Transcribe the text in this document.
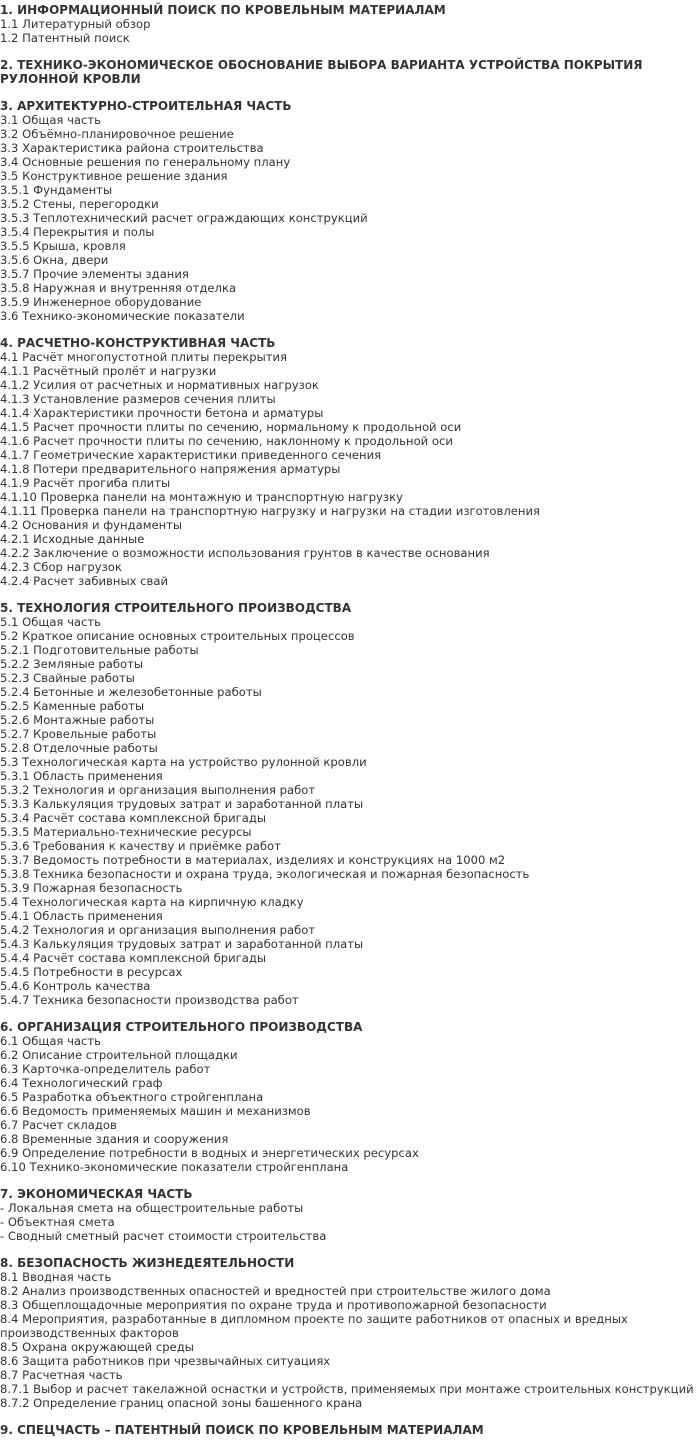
1. ИНФОРМАЦИОННЫЙ ПОИСК ПО КРОВЕЛЬНЫМ МАТЕРИАЛАМ
1.1 Литературный обзор
1.2 Патентный поиск
2. ТЕХНИКО-ЭКОНОМИЧЕСКОЕ ОБОСНОВАНИЕ ВЫБОРА ВАРИАНТА УСТРОЙСТВА ПОКРЫТИЯ РУЛОННОЙ КРОВЛИ
3. АРХИТЕКТУРНО-СТРОИТЕЛЬНАЯ ЧАСТЬ
3.1 Общая часть
3.2 Объёмно-планировочное решение
3.3 Характеристика района строительства
3.4 Основные решения по генеральному плану
3.5 Конструктивное решение здания
3.5.1 Фундаменты
3.5.2 Стены, перегородки
3.5.3 Теплотехнический расчет ограждающих конструкций
3.5.4 Перекрытия и полы
3.5.5 Крыша, кровля
3.5.6 Окна, двери
3.5.7 Прочие элементы здания
3.5.8 Наружная и внутренняя отделка
3.5.9 Инженерное оборудование
3.6 Технико-экономические показатели
4. РАСЧЕТНО-КОНСТРУКТИВНАЯ ЧАСТЬ
4.1 Расчёт многопустотной плиты перекрытия
4.1.1 Расчётный пролёт и нагрузки
4.1.2 Усилия от расчетных и нормативных нагрузок
4.1.3 Установление размеров сечения плиты
4.1.4 Характеристики прочности бетона и арматуры
4.1.5 Расчет прочности плиты по сечению, нормальному к продольной оси
4.1.6 Расчет прочности плиты по сечению, наклонному к продольной оси
4.1.7 Геометрические характеристики приведенного сечения
4.1.8 Потери предварительного напряжения арматуры
4.1.9 Расчёт прогиба плиты
4.1.10 Проверка панели на монтажную и транспортную нагрузку
4.1.11 Проверка панели на транспортную нагрузку и нагрузки на стадии изготовления
4.2 Основания и фундаменты
4.2.1 Исходные данные
4.2.2 Заключение о возможности использования грунтов в качестве основания
4.2.3 Сбор нагрузок
4.2.4 Расчет забивных свай
5. ТЕХНОЛОГИЯ СТРОИТЕЛЬНОГО ПРОИЗВОДСТВА
5.1 Общая часть
5.2 Краткое описание основных строительных процессов
5.2.1 Подготовительные работы
5.2.2 Земляные работы
5.2.3 Свайные работы
5.2.4 Бетонные и железобетонные работы
5.2.5 Каменные работы
5.2.6 Монтажные работы
5.2.7 Кровельные работы
5.2.8 Отделочные работы
5.3 Технологическая карта на устройство рулонной кровли
5.3.1 Область применения
5.3.2 Технология и организация выполнения работ
5.3.3 Калькуляция трудовых затрат и заработанной платы
5.3.4 Расчёт состава комплексной бригады
5.3.5 Материально-технические ресурсы
5.3.6 Требования к качеству и приёмке работ
5.3.7 Ведомость потребности в материалах, изделиях и конструкциях на 1000 м2
5.3.8 Техника безопасности и охрана труда, экологическая и пожарная безопасность
5.3.9 Пожарная безопасность
5.4 Технологическая карта на кирпичную кладку
5.4.1 Область применения
5.4.2 Технология и организация выполнения работ
5.4.3 Калькуляция трудовых затрат и заработанной платы
5.4.4 Расчёт состава комплексной бригады
5.4.5 Потребности в ресурсах
5.4.6 Контроль качества
5.4.7 Техника безопасности производства работ
6. ОРГАНИЗАЦИЯ СТРОИТЕЛЬНОГО ПРОИЗВОДСТВА
6.1 Общая часть
6.2 Описание строительной площадки
6.3 Карточка-определитель работ
6.4 Технологический граф
6.5 Разработка объектного стройгенплана
6.6 Ведомость применяемых машин и механизмов
6.7 Расчет складов
6.8 Временные здания и сооружения
6.9 Определение потребности в водных и энергетических ресурсах
6.10 Технико-экономические показатели стройгенплана
7. ЭКОНОМИЧЕСКАЯ ЧАСТЬ
- Локальная смета на общестроительные работы
- Объектная смета
- Сводный сметный расчет стоимости строительства
8. БЕЗОПАСНОСТЬ ЖИЗНЕДЕЯТЕЛЬНОСТИ
8.1 Вводная часть
8.2 Анализ производственных опасностей и вредностей при строительстве жилого дома
8.3 Общеплощадочные мероприятия по охране труда и противопожарной безопасности
8.4 Мероприятия, разработанные в дипломном проекте по защите работников от опасных и вредных производственных факторов
8.5 Охрана окружающей среды
8.6 Защита работников при чрезвычайных ситуациях
8.7 Расчетная часть
8.7.1 Выбор и расчет такелажной оснастки и устройств, применяемых при монтаже строительных конструкций
8.7.2 Определение границ опасной зоны башенного крана
9. СПЕЦЧАСТЬ – ПАТЕНТНЫЙ ПОИСК ПО КРОВЕЛЬНЫМ МАТЕРИАЛАМ
